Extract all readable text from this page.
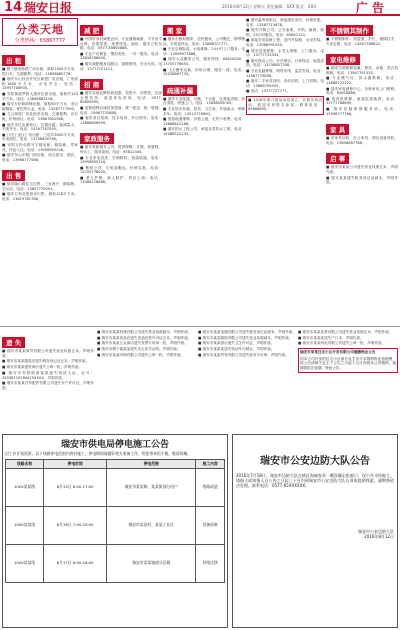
14 瑞安日报	2016年8月12日 星期五 责任编辑：XXX 版式：XXX	广 告
分类天地
分类热线：65867777
出 租

■ 塘下镇场桥路厂房出租，面积1500平方米，带行车，交通便利，电话：13858880776。

■ 瑞安东山经济开发区新建厂房出租，厂房面积1800平方米，水电齐全。电话：13957708900。

■ 安阳街道罗阳大道旁店面出租，面积约120平方米。电话：13806883118。

■ 瑞安万松路商铺出租，面积60平方米，适合做服装、餐饮等行业。电话：13587777090。

■ 飞云街道厂房及宿舍出租，交通便利，可分租，价格面议。电话：13867802588。

■ 瑞安市区店面转让，位置优越，客流量大，手续齐全。电话：15167787555。

■ 汀田工业区厂房出租，三层共3000平方米，水电到位。电话：13706600766。

■ 安阳万松东路写字楼出租，精装修，带家具，拎包入住。电话：13958905226。

■ 瑞安东山东路门面出租，适合超市、酒店。电话：13968777588。

出 售

■ 瑞安隆山路住宅出售，三室两厅，精装修，学区房。电话：13857770001。

■ 瑞安万松花苑套房出售，面积128平方米。电话：13819781788。

减 肥

■ 中国好身材减肥会所，专业健康减重，不节食不反弹，效果显著，免费体验。地址：瑞安万松东路。电话：0577-65650888。

■ 专业产后修复、塑形美体，一对一服务。电话：13616786600。

■ 瑞安减肥瘦身加盟店，减脂塑形，安全有效。电话：13777701111。

招 商

■ 瑞安本地品牌招商加盟，投资小、回报快，总部全程扶持，欢迎来电咨询。电话：0577-65809995。

■ 连锁便利店诚招加盟商，统一配送，统一管理。电话：15967735888。

■ 餐饮项目招商，技术培训，开店指导。电话：13868806999。

家政服务

■ 瑞安家政服务公司，提供保姆、月嫂、育婴师、钟点工，服务周到。电话：65812345。

■ 专业家电清洗、空调移机、管道疏通。电话：13958855118。

■ 搬家公司，长短途搬运，价格实惠。电话：13705778000。

■ 老人护理、病人陪护，持证上岗。电话：13566218866。

搬 家

■ 瑞安市蚂蚁搬家，居民搬家，公司搬迁，钢琴搬运，长短途货运。电话：13868707777。

■ 专业空调拆装、水电维修，24小时上门服务。电话：13958977888。

■ 瑞安大众搬家公司，服务热线：65820000、13705776655。

■ 飞云搬家运输，价格合理，服务一流。电话：15258867733。

疏通补漏

■ 瑞安专业疏通，马桶、下水道、化粪池清理，高压清洗，快速上门。电话：13858855000。

■ 专业防水补漏，屋顶、卫生间、外墙渗水，保修多年。电话：13515776600。

■ 管道疏通维修，价格公道，无效不收费。电话：13868822288。

■ 瑞安防水工程公司，承接各类防水工程。电话：15088522233。

■ 瑞安温州商旅社，承接婚丧喜庆，价格优惠。电话：13587713678。

■ 瑞安开锁公司，公安备案，开锁、换锁、修锁，24小时服务。电话：65862110。

■ 承接各类装修工程，室内外装修，水电安装。电话：13968991555。

■ 瑞安管道维修、水龙头维修，上门服务。电话：13777733333。

■ 瑞安保洁公司，开荒保洁、日常保洁、地毯清洗。电话：13758857788。

■ 专业电脑维修、网络布线、监控安装。电话：13587775858。

■ 瑞安二手家具回收，高价回收，上门收购。电话：13868795555。

■ 电话：13777727777。

■ 2016年第六届运动营成立，开展各项活动，欢迎市民报名参加，联系电话：65866855。

不锈钢其制作

■ 不锈钢制作：防盗窗、护栏、楼梯扶手，专业定做。电话：13857788822。

家电维修

■ 瑞安空调维修加氟、移机，冰箱、洗衣机维修。电话：13567791333。

■ 专业燃气灶、热水器维修。电话：13868722222。

■ 瑞安家电维修中心，各种家电上门维修。电话：65818888。

■ 电视机维修，液晶电视换屏。电话：13777788899。

■ 瑞安电脑维修服务部。电话：13958777766。

家 具

■ 旧家具回收，办公家具、酒店设备回收。电话：13806887788。

启 事

■ 瑞安市某某公司遗失营业执照正本，声明作废。

■ 瑞安某某遗失税务登记证副本，声明作废。

遗 失

■ 瑞安市某某商贸有限公司遗失营业执照正本，声明作废。

■ 瑞安市某某服装店遗失税务登记证正本，声明作废。

■ 瑞安市某某建材商行遗失公章一枚，声明作废。

■ 瑞安市安阳街道某某遗失残疾人证，证号：33038119780415XXXX，声明作废。

■ 瑞安市某某汽车配件有限公司遗失开户许可证，声明作废。

■ 瑞安市某某机械有限公司遗失营业执照副本，声明作废。

■ 瑞安市某某食品店遗失食品经营许可证正本，声明作废。

■ 瑞安市某某五金商店遗失发票专用章一枚，声明作废。

■ 瑞安市塘下镇某某遗失出生医学证明，声明作废。

■ 瑞安市某某印刷有限公司遗失公章一枚，声明作废。

■ 瑞安市某某电器有限公司遗失税务登记证副本，声明作废。

■ 瑞安市某某服饰有限公司遗失营业执照副本，声明作废。

■ 瑞安市某某酒店遗失卫生许可证，声明作废。

■ 瑞安市某某某遗失机动车行驶证，声明作废。

■ 瑞安市某某贸易有限公司遗失财务专用章，声明作废。

■ 瑞安市某某皮革有限公司遗失营业执照正本，声明作废。

■ 瑞安市某某某遗失户口本，声明作废。

■ 瑞安市某某机电有限公司遗失公章一枚，声明作废。

瑞安市某某住宅小区开发有限公司催缴物业公告

因本公司开发的住宅小区部分业主至今未缴纳物业管理费，现公告请相关业主于公告之日起十五日内到本公司缴纳，逾期将依法追缴。特此公告。

瑞安市供电局停电施工公告

因工作计划需要，以下线路停电范围内将有施工，停电期间请做好相关准备工作，给您带来的不便，敬请谅解。

线路名称	停电时间	停电范围	施工内容
10kV某某线	8月15日 6:00-17:00	瑞安市某某路、某某街部分用户	线路改造
10kV某某线	8月16日 7:00-16:00	瑞安市某某村、某某工业区	设备检修
10kV某某线	8月17日 6:00-18:00	瑞安市某某镇部分区域	杆线迁移
瑞安市公安边防大队公告

2016年7月18日，瑞安市边防大队在辖区海域查获一艘涉嫌走私船只，现公告寻找船主。请船主或知情人自公告之日起三十日内到瑞安市公安边防大队认领或提供线索，逾期将依法处理。联系电话：0577-65XXXXXX。

瑞安市公安边防大队
2016年8月12日
